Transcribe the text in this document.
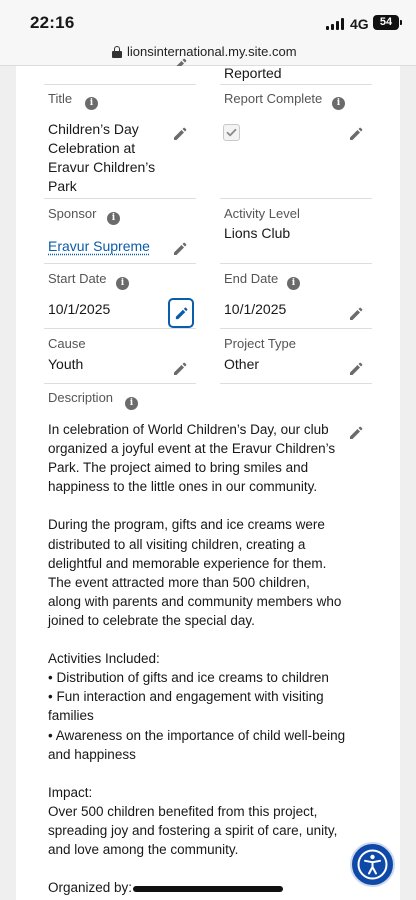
22:16	4G	54
lionsinternational.my.site.com
Reported
Title	i
Children’s Day Celebration at Eravur Children’s Park
Report Complete	i
Sponsor	i
Eravur Supreme
Activity Level
Lions Club
Start Date	i
10/1/2025
End Date	i
10/1/2025
Cause
Youth
Project Type
Other
Description	i
In celebration of World Children’s Day, our club organized a joyful event at the Eravur Children’s Park. The project aimed to bring smiles and happiness to the little ones in our community.

During the program, gifts and ice creams were distributed to all visiting children, creating a delightful and memorable experience for them. The event attracted more than 500 children, along with parents and community members who joined to celebrate the special day.

Activities Included:
• Distribution of gifts and ice creams to children
• Fun interaction and engagement with visiting families
• Awareness on the importance of child well-being and happiness

Impact:
Over 500 children benefited from this project, spreading joy and fostering a spirit of care, unity, and love among the community.
Organized by:
